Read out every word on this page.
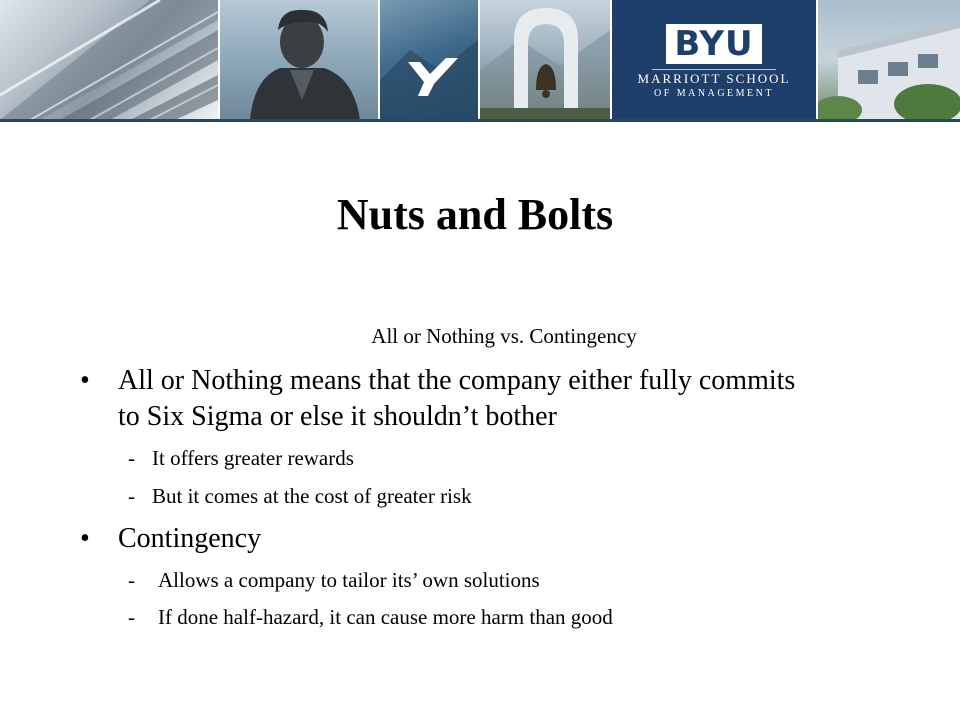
BYU
MARRIOTT SCHOOL
OF MANAGEMENT
Nuts and Bolts
All or Nothing vs. Contingency
• All or Nothing means that the company either fully commits to Six Sigma or else it shouldn’t bother
- It offers greater rewards
- But it comes at the cost of greater risk
• Contingency
- Allows a company to tailor its’ own solutions
- If done half-hazard, it can cause more harm than good
